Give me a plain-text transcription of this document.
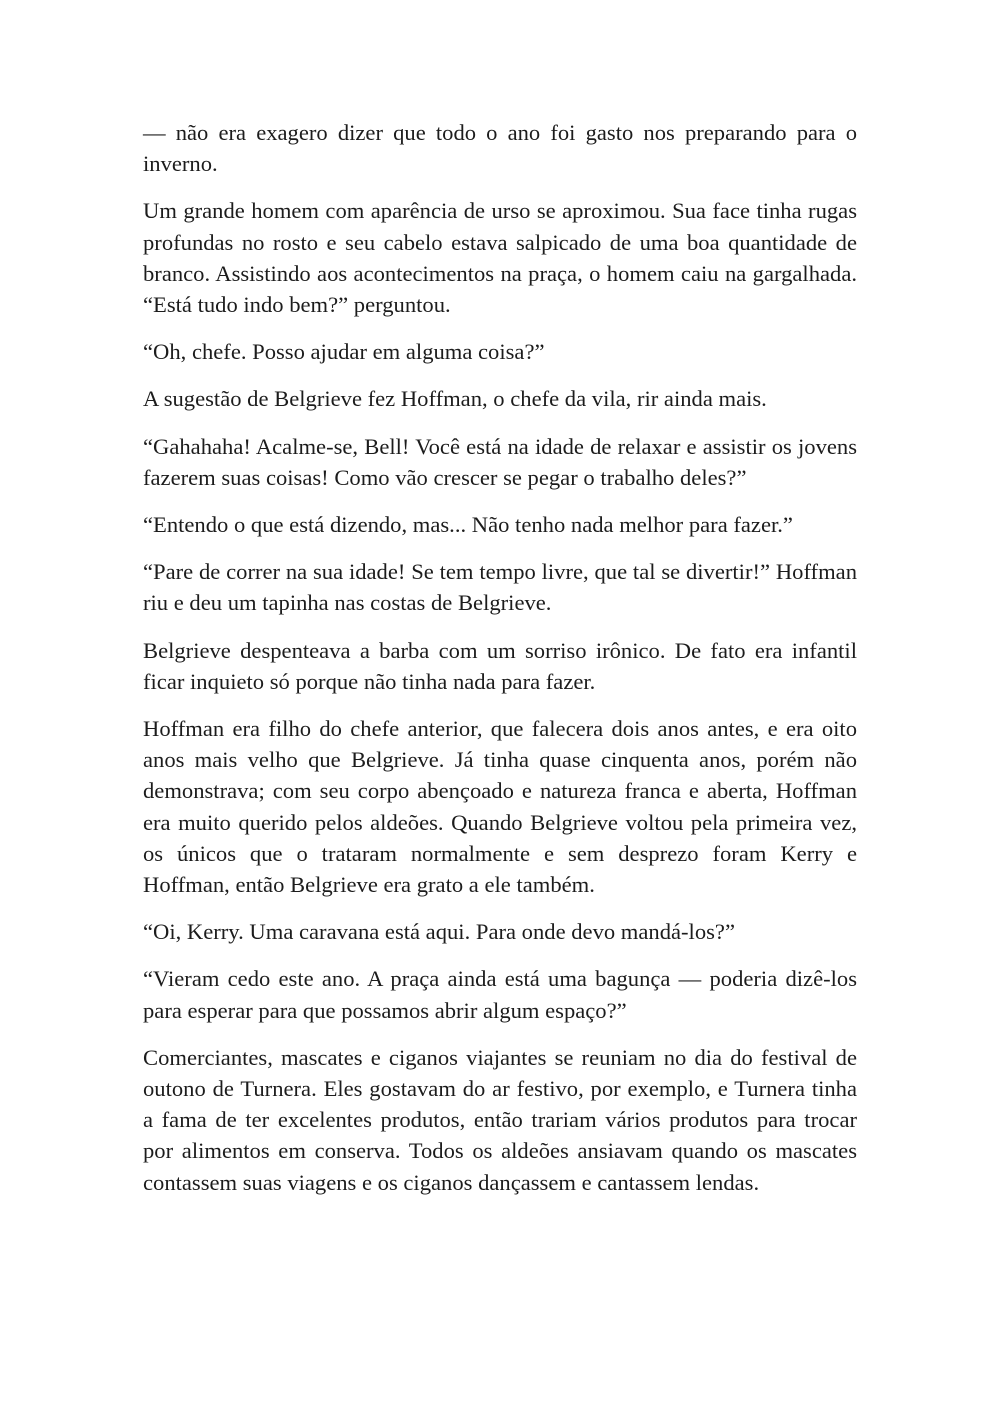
— não era exagero dizer que todo o ano foi gasto nos preparando para o inverno.

Um grande homem com aparência de urso se aproximou. Sua face tinha rugas profundas no rosto e seu cabelo estava salpicado de uma boa quantidade de branco. Assistindo aos acontecimentos na praça, o homem caiu na gargalhada. “Está tudo indo bem?” perguntou.

“Oh, chefe. Posso ajudar em alguma coisa?”

A sugestão de Belgrieve fez Hoffman, o chefe da vila, rir ainda mais.

“Gahahaha! Acalme-se, Bell! Você está na idade de relaxar e assistir os jovens fazerem suas coisas! Como vão crescer se pegar o trabalho deles?”

“Entendo o que está dizendo, mas... Não tenho nada melhor para fazer.”

“Pare de correr na sua idade! Se tem tempo livre, que tal se divertir!” Hoffman riu e deu um tapinha nas costas de Belgrieve.

Belgrieve despenteava a barba com um sorriso irônico. De fato era infantil ficar inquieto só porque não tinha nada para fazer.

Hoffman era filho do chefe anterior, que falecera dois anos antes, e era oito anos mais velho que Belgrieve. Já tinha quase cinquenta anos, porém não demonstrava; com seu corpo abençoado e natureza franca e aberta, Hoffman era muito querido pelos aldeões. Quando Belgrieve voltou pela primeira vez, os únicos que o trataram normalmente e sem desprezo foram Kerry e Hoffman, então Belgrieve era grato a ele também.

“Oi, Kerry. Uma caravana está aqui. Para onde devo mandá-los?”

“Vieram cedo este ano. A praça ainda está uma bagunça — poderia dizê-los para esperar para que possamos abrir algum espaço?”

Comerciantes, mascates e ciganos viajantes se reuniam no dia do festival de outono de Turnera. Eles gostavam do ar festivo, por exemplo, e Turnera tinha a fama de ter excelentes produtos, então trariam vários produtos para trocar por alimentos em conserva. Todos os aldeões ansiavam quando os mascates contassem suas viagens e os ciganos dançassem e cantassem lendas.
